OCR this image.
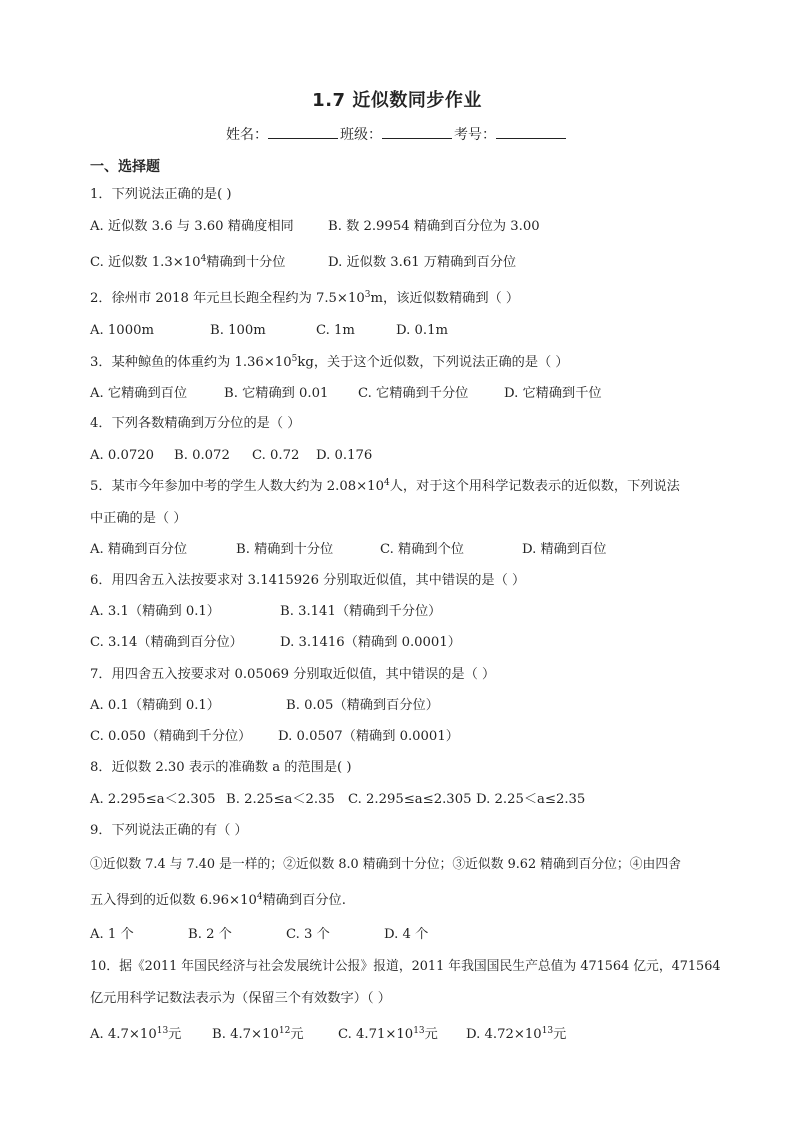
1.7 近似数同步作业
姓名：	班级：	考号：
一、选择题
1．下列说法正确的是( )
A. 近似数 3.6 与 3.60 精确度相同	B. 数 2.9954 精确到百分位为 3.00
C. 近似数 $1.3\times 10^4$精确到十分位	D. 近似数 3.61 万精确到百分位
2．徐州市 2018 年元旦长跑全程约为 $7.5\times 10^3m$，该近似数精确到（ ）
A. 1000m	B. 100m	C. 1m	D. 0.1m
3．某种鲸鱼的体重约为 $1.36\times 10^5kg$，关于这个近似数，下列说法正确的是（ ）
A. 它精确到百位	B. 它精确到 0.01 C. 它精确到千分位	D. 它精确到千位
4．下列各数精确到万分位的是（ ）
A. 0.0720 B. 0.072 C. 0.72 D. 0.176
5．某市今年参加中考的学生人数大约为 $2.08\times 10^4$人，对于这个用科学记数表示的近似数，下列说法
中正确的是（ ）
A. 精确到百分位	B. 精确到十分位	C. 精确到个位	D. 精确到百位
6．用四舍五入法按要求对 3.1415926 分别取近似值，其中错误的是（ ）
A. 3.1（精确到 0.1）	B. 3.141（精确到千分位）
C. 3.14（精确到百分位）	D. 3.1416（精确到 0.0001）
7．用四舍五入按要求对 0.05069 分别取近似值，其中错误的是（ ）
A. 0.1（精确到 0.1）	B. 0.05（精确到百分位）
C. 0.050（精确到千分位） D. 0.0507（精确到 0.0001）
8．近似数 2.30 表示的准确数 a 的范围是( )
A. 2.295≤a＜2.305 B. 2.25≤a＜2.35 C. 2.295≤a≤2.305 D. 2.25＜a≤2.35
9．下列说法正确的有（ ）
①近似数 7.4 与 7.40 是一样的；②近似数 8.0 精确到十分位；③近似数 9.62 精确到百分位；④由四舍
五入得到的近似数 $6.96\times 10^4$精确到百分位.
A. 1 个	B. 2 个	C. 3 个	D. 4 个
10．据《2011 年国民经济与社会发展统计公报》报道，2011 年我国国民生产总值为 471564 亿元，471564
亿元用科学记数法表示为（保留三个有效数字）（ ）
A. $4.7\times 10^{13}$元 B. $4.7\times 10^{12}$元	C. $4.71\times 10^{13}$元 D. $4.72\times 10^{13}$元
